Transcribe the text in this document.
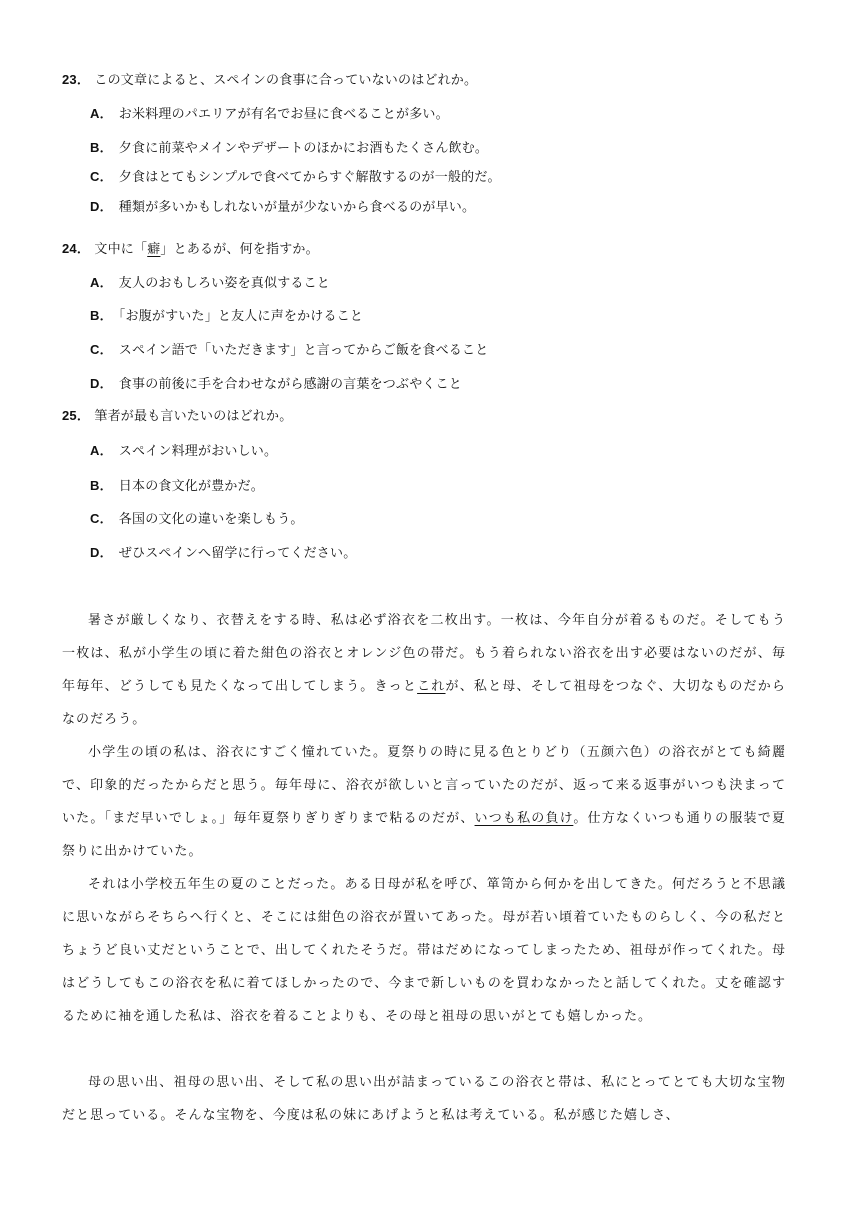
23． この文章によると、スペインの食事に合っていないのはどれか。
A． お米料理のパエリアが有名でお昼に食べることが多い。
B． 夕食に前菜やメインやデザートのほかにお酒もたくさん飲む。
C． 夕食はとてもシンプルで食べてからすぐ解散するのが一般的だ。
D． 種類が多いかもしれないが量が少ないから食べるのが早い。
24． 文中に「癖」とあるが、何を指すか。
A． 友人のおもしろい姿を真似すること
B． 「お腹がすいた」と友人に声をかけること
C． スペイン語で「いただきます」と言ってからご飯を食べること
D． 食事の前後に手を合わせながら感謝の言葉をつぶやくこと
25． 筆者が最も言いたいのはどれか。
A． スペイン料理がおいしい。
B． 日本の食文化が豊かだ。
C． 各国の文化の違いを楽しもう。
D． ぜひスペインへ留学に行ってください。

暑さが厳しくなり、衣替えをする時、私は必ず浴衣を二枚出す。一枚は、今年自分が着るものだ。そしてもう一枚は、私が小学生の頃に着た紺色の浴衣とオレンジ色の帯だ。もう着られない浴衣を出す必要はないのだが、毎年毎年、どうしても見たくなって出してしまう。きっとこれが、私と母、そして祖母をつなぐ、大切なものだからなのだろう。

小学生の頃の私は、浴衣にすごく憧れていた。夏祭りの時に見る色とりどり（五颜六色）の浴衣がとても綺麗で、印象的だったからだと思う。毎年母に、浴衣が欲しいと言っていたのだが、返って来る返事がいつも決まっていた。「まだ早いでしょ。」毎年夏祭りぎりぎりまで粘るのだが、いつも私の負け。仕方なくいつも通りの服装で夏祭りに出かけていた。

それは小学校五年生の夏のことだった。ある日母が私を呼び、箪笥から何かを出してきた。何だろうと不思議に思いながらそちらへ行くと、そこには紺色の浴衣が置いてあった。母が若い頃着ていたものらしく、今の私だとちょうど良い丈だということで、出してくれたそうだ。帯はだめになってしまったため、祖母が作ってくれた。母はどうしてもこの浴衣を私に着てほしかったので、今まで新しいものを買わなかったと話してくれた。丈を確認するために袖を通した私は、浴衣を着ることよりも、その母と祖母の思いがとても嬉しかった。

母の思い出、祖母の思い出、そして私の思い出が詰まっているこの浴衣と帯は、私にとってとても大切な宝物だと思っている。そんな宝物を、今度は私の妹にあげようと私は考えている。私が感じた嬉しさ、
